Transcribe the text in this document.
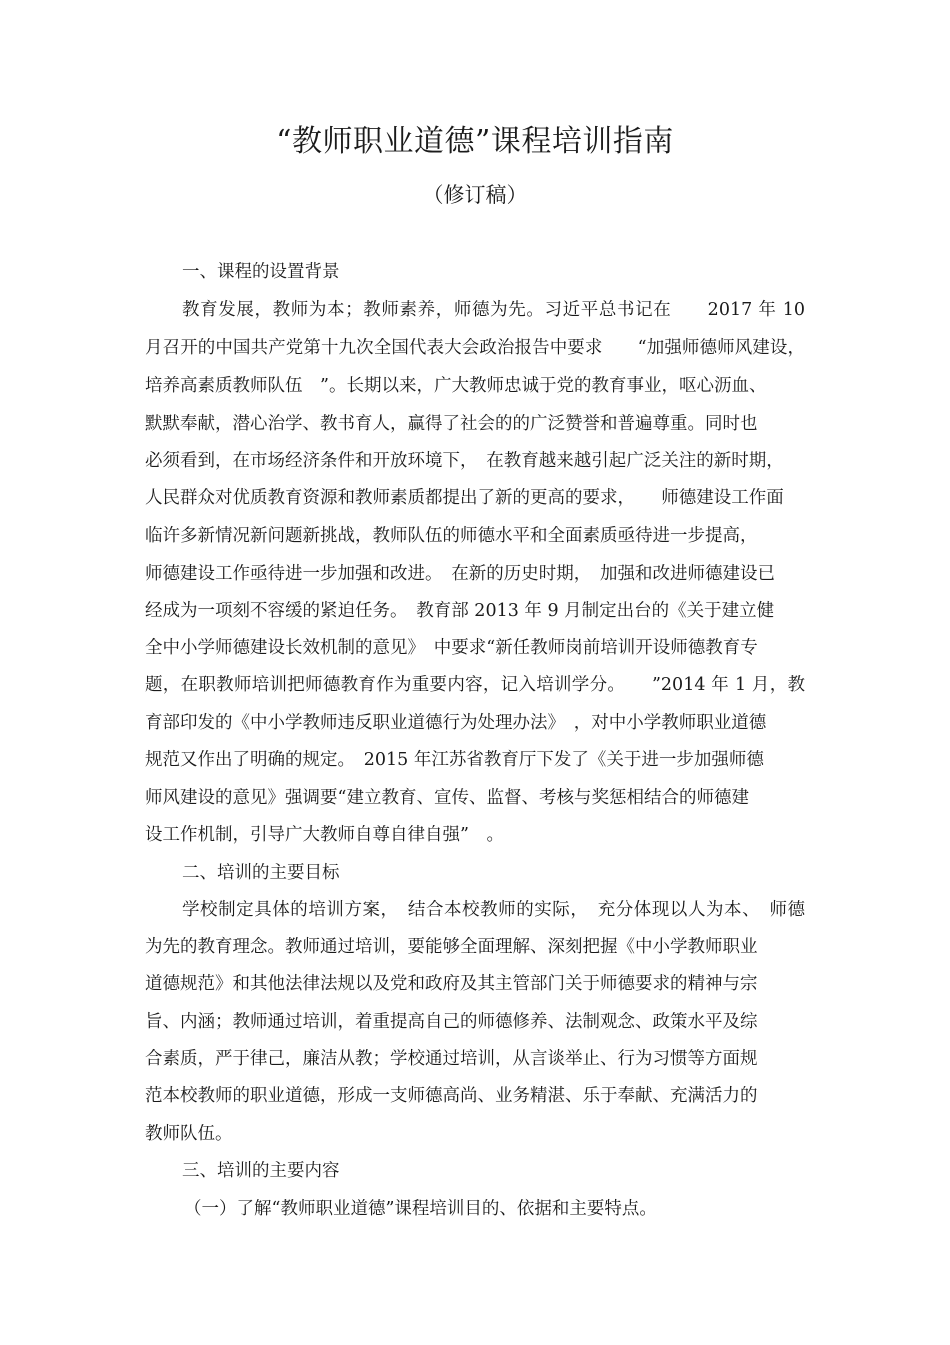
“教师职业道德”课程培训指南
（修订稿）
一、课程的设置背景
教育发展，教师为本；教师素养，师德为先。习近平总书记在　　2017 年 10
月召开的中国共产党第十九次全国代表大会政治报告中要求　　“加强师德师风建设，
培养高素质教师队伍　”。长期以来，广大教师忠诚于党的教育事业，呕心沥血、
默默奉献，潜心治学、教书育人，赢得了社会的的广泛赞誉和普遍尊重。同时也
必须看到，在市场经济条件和开放环境下，　在教育越来越引起广泛关注的新时期，
人民群众对优质教育资源和教师素质都提出了新的更高的要求，　　师德建设工作面
临许多新情况新问题新挑战，教师队伍的师德水平和全面素质亟待进一步提高，
师德建设工作亟待进一步加强和改进。　在新的历史时期，　加强和改进师德建设已
经成为一项刻不容缓的紧迫任务。　教育部 2013 年 9 月制定出台的《关于建立健
全中小学师德建设长效机制的意见》　中要求“新任教师岗前培训开设师德教育专
题，在职教师培训把师德教育作为重要内容，记入培训学分。　　”2014 年 1 月，教
育部印发的《中小学教师违反职业道德行为处理办法》　，对中小学教师职业道德
规范又作出了明确的规定。　2015 年江苏省教育厅下发了《关于进一步加强师德
师风建设的意见》强调要“建立教育、宣传、监督、考核与奖惩相结合的师德建
设工作机制，引导广大教师自尊自律自强”　。
二、培训的主要目标
学校制定具体的培训方案，　结合本校教师的实际，　充分体现以人为本、　师德
为先的教育理念。教师通过培训，要能够全面理解、深刻把握《中小学教师职业
道德规范》和其他法律法规以及党和政府及其主管部门关于师德要求的精神与宗
旨、内涵；教师通过培训，着重提高自己的师德修养、法制观念、政策水平及综
合素质，严于律己，廉洁从教；学校通过培训，从言谈举止、行为习惯等方面规
范本校教师的职业道德，形成一支师德高尚、业务精湛、乐于奉献、充满活力的
教师队伍。
三、培训的主要内容
（一）了解“教师职业道德”课程培训目的、依据和主要特点。
